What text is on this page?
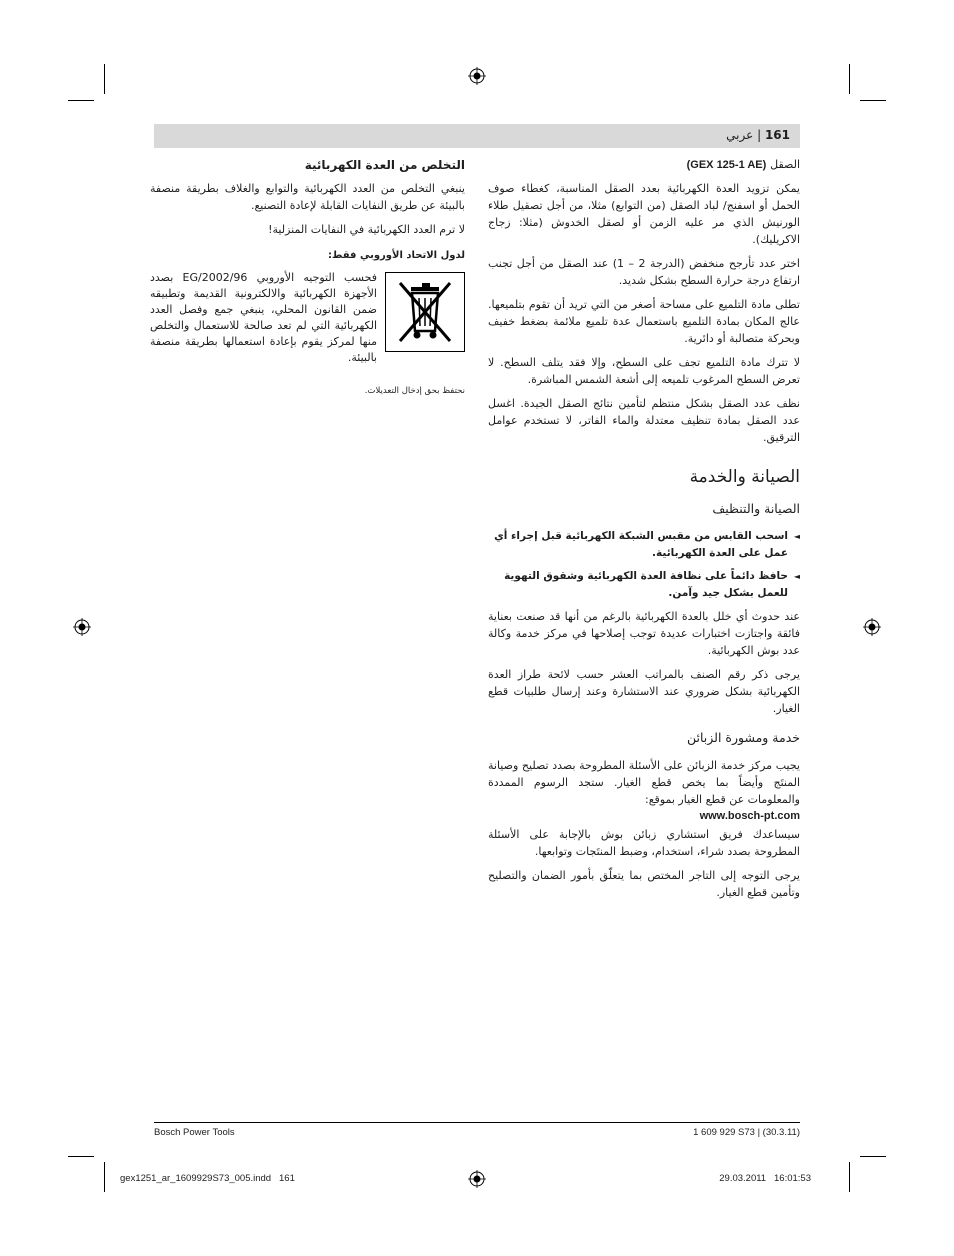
161 | عربي
الصقل (GEX 125-1 AE)

يمكن تزويد العدة الكهربائية بعدد الصقل المناسبة، كغطاء صوف الحمل أو اسفنج/ لباد الصقل (من التوابع) مثلا، من أجل تصقيل طلاء الورنيش الذي مر عليه الزمن أو لصقل الخدوش (مثلا: زجاج الاكريليك).

اختر عدد تأرجح منخفض (الدرجة 2 – 1) عند الصقل من أجل تجنب ارتفاع درجة حرارة السطح بشكل شديد.

تطلى مادة التلميع على مساحة أصغر من التي تريد أن تقوم بتلميعها. عالج المكان بمادة التلميع باستعمال عدة تلميع ملائمة بضغط خفيف وبحركة متصالبة أو دائرية.

لا تترك مادة التلميع تجف على السطح، وإلا فقد يتلف السطح. لا تعرض السطح المرغوب تلميعه إلى أشعة الشمس المباشرة.

نظف عدد الصقل بشكل منتظم لتأمين نتائج الصقل الجيدة. اغسل عدد الصقل بمادة تنظيف معتدلة والماء الفاتر، لا تستخدم عوامل الترقيق.

الصيانة والخدمة
الصيانة والتنظيف
◄
اسحب القابس من مقبس الشبكة الكهربائية قبل إجراء أي عمل على العدة الكهربائية.
◄
حافظ دائماً على نظافة العدة الكهربائية وشقوق التهوية للعمل بشكل جيد وآمن.

عند حدوث أي خلل بالعدة الكهربائية بالرغم من أنها قد صنعت بعناية فائقة واجتازت اختبارات عديدة توجب إصلاحها في مركز خدمة وكالة عدد بوش الكهربائية.

يرجى ذكر رقم الصنف بالمراتب العشر حسب لائحة طراز العدة الكهربائية بشكل ضروري عند الاستشارة وعند إرسال طلبيات قطع الغيار.

خدمة ومشورة الزبائن

يجيب مركز خدمة الزبائن على الأسئلة المطروحة بصدد تصليح وصيانة المنتَج وأيضاً بما يخص قطع الغيار. ستجد الرسوم الممددة والمعلومات عن قطع الغيار بموقع:

www.bosch-pt.com

سيساعدك فريق استشاري زبائن بوش بالإجابة على الأسئلة المطروحة بصدد شراء، استخدام، وضبط المنتَجات وتوابعها.

يرجى التوجه إلى التاجر المختص بما يتعلّق بأمور الضمان والتصليح وتأمين قطع الغيار.

التخلص من العدة الكهربائية

ينبغي التخلص من العدد الكهربائية والتوابع والغلاف بطريقة منصفة بالبيئة عن طريق النفايات القابلة لإعادة التصنيع.

لا ترم العدد الكهربائية في النفايات المنزلية!

لدول الاتحاد الأوروبي فقط:
فحسب التوجيه الأوروبي 2002/96/EG بصدد الأجهزة الكهربائية والالكترونية القديمة وتطبيقه ضمن القانون المحلي، ينبغي جمع وفصل العدد الكهربائية التي لم تعد صالحة للاستعمال والتخلص منها لمركز يقوم بإعادة استعمالها بطريقة منصفة بالبيئة.
نحتفظ بحق إدخال التعديلات.
Bosch Power Tools	1 609 929 S73 | (30.3.11)
gex1251_ar_1609929S73_005.indd   161	29.03.2011   16:01:53
